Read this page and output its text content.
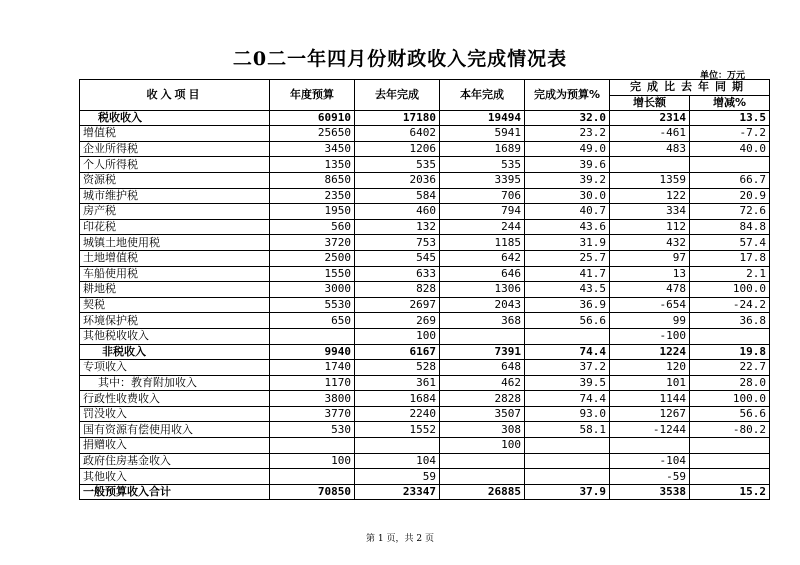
二0二一年四月份财政收入完成情况表
单位：万元
收入项目	年度预算	去年完成	本年完成	完成为预算%	完成比去年同期	
					增长额	增减%
税收收入	60910	17180	19494	32.0	2314	13.5
增值税	25650	6402	5941	23.2	-461	-7.2
企业所得税	3450	1206	1689	49.0	483	40.0
个人所得税	1350	535	535	39.6		
资源税	8650	2036	3395	39.2	1359	66.7
城市维护税	2350	584	706	30.0	122	20.9
房产税	1950	460	794	40.7	334	72.6
印花税	560	132	244	43.6	112	84.8
城镇土地使用税	3720	753	1185	31.9	432	57.4
土地增值税	2500	545	642	25.7	97	17.8
车船使用税	1550	633	646	41.7	13	2.1
耕地税	3000	828	1306	43.5	478	100.0
契税	5530	2697	2043	36.9	-654	-24.2
环境保护税	650	269	368	56.6	99	36.8
其他税收收入		100			-100	
非税收入	9940	6167	7391	74.4	1224	19.8
专项收入	1740	528	648	37.2	120	22.7
其中：教育附加收入	1170	361	462	39.5	101	28.0
行政性收费收入	3800	1684	2828	74.4	1144	100.0
罚没收入	3770	2240	3507	93.0	1267	56.6
国有资源有偿使用收入	530	1552	308	58.1	-1244	-80.2
捐赠收入			100			
政府住房基金收入	100	104			-104	
其他收入		59			-59	
一般预算收入合计	70850	23347	26885	37.9	3538	15.2
第 1 页，共 2 页
